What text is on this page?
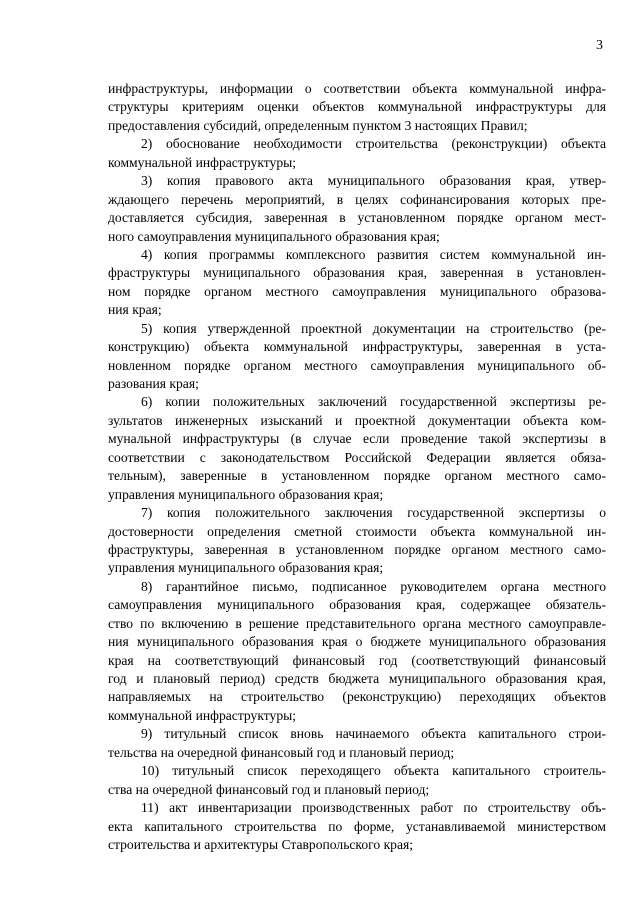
3
инфраструктуры, информации о соответствии объекта коммунальной инфра-
структуры критериям оценки объектов коммунальной инфраструктуры для
предоставления субсидий, определенным пунктом 3 настоящих Правил;
2) обоснование необходимости строительства (реконструкции) объекта
коммунальной инфраструктуры;
3) копия правового акта муниципального образования края, утвер-
ждающего перечень мероприятий, в целях софинансирования которых пре-
доставляется субсидия, заверенная в установленном порядке органом мест-
ного самоуправления муниципального образования края;
4) копия программы комплексного развития систем коммунальной ин-
фраструктуры муниципального образования края, заверенная в установлен-
ном порядке органом местного самоуправления муниципального образова-
ния края;
5) копия утвержденной проектной документации на строительство (ре-
конструкцию) объекта коммунальной инфраструктуры, заверенная в уста-
новленном порядке органом местного самоуправления муниципального об-
разования края;
6) копии положительных заключений государственной экспертизы ре-
зультатов инженерных изысканий и проектной документации объекта ком-
мунальной инфраструктуры (в случае если проведение такой экспертизы в
соответствии с законодательством Российской Федерации является обяза-
тельным), заверенные в установленном порядке органом местного само-
управления муниципального образования края;
7) копия положительного заключения государственной экспертизы о
достоверности определения сметной стоимости объекта коммунальной ин-
фраструктуры, заверенная в установленном порядке органом местного само-
управления муниципального образования края;
8) гарантийное письмо, подписанное руководителем органа местного
самоуправления муниципального образования края, содержащее обязатель-
ство по включению в решение представительного органа местного самоуправле-
ния муниципального образования края о бюджете муниципального образования
края на соответствующий финансовый год (соответствующий финансовый
год и плановый период) средств бюджета муниципального образования края,
направляемых на строительство (реконструкцию) переходящих объектов
коммунальной инфраструктуры;
9) титульный список вновь начинаемого объекта капитального строи-
тельства на очередной финансовый год и плановый период;
10) титульный список переходящего объекта капитального строитель-
ства на очередной финансовый год и плановый период;
11) акт инвентаризации производственных работ по строительству объ-
екта капитального строительства по форме, устанавливаемой министерством
строительства и архитектуры Ставропольского края;
